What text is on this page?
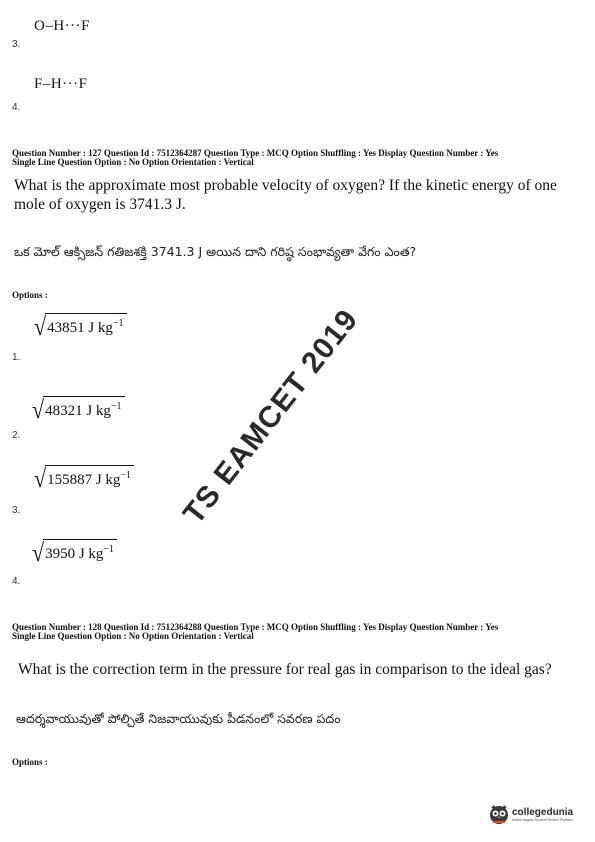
O–H···F
3.
F–H···F
4.
Question Number : 127 Question Id : 7512364287 Question Type : MCQ Option Shuffling : Yes Display Question Number : Yes
Single Line Question Option : No Option Orientation : Vertical
What is the approximate most probable velocity of oxygen? If the kinetic energy of one mole of oxygen is 3741.3 J.
ఒక మోల్ ఆక్సిజన్ గతిజశక్తి 3741.3 J అయిన దాని గరిష్ఠ సంభావ్యతా వేగం ఎంత?
Options :
√ 43851 J $kg^{-1}$
1.
√ 48321 J $kg^{-1}$
2.
√ 155887 J $kg^{-1}$
3.
√ 3950 J $kg^{-1}$
4.
Question Number : 128 Question Id : 7512364288 Question Type : MCQ Option Shuffling : Yes Display Question Number : Yes
Single Line Question Option : No Option Orientation : Vertical
What is the correction term in the pressure for real gas in comparison to the ideal gas?
ఆదర్శవాయువుతో పోల్చితే నిజవాయువుకు పీడనంలో సవరణ పదం
Options :
TS EAMCET 2019
collegedunia
India's largest Student Review Platform
